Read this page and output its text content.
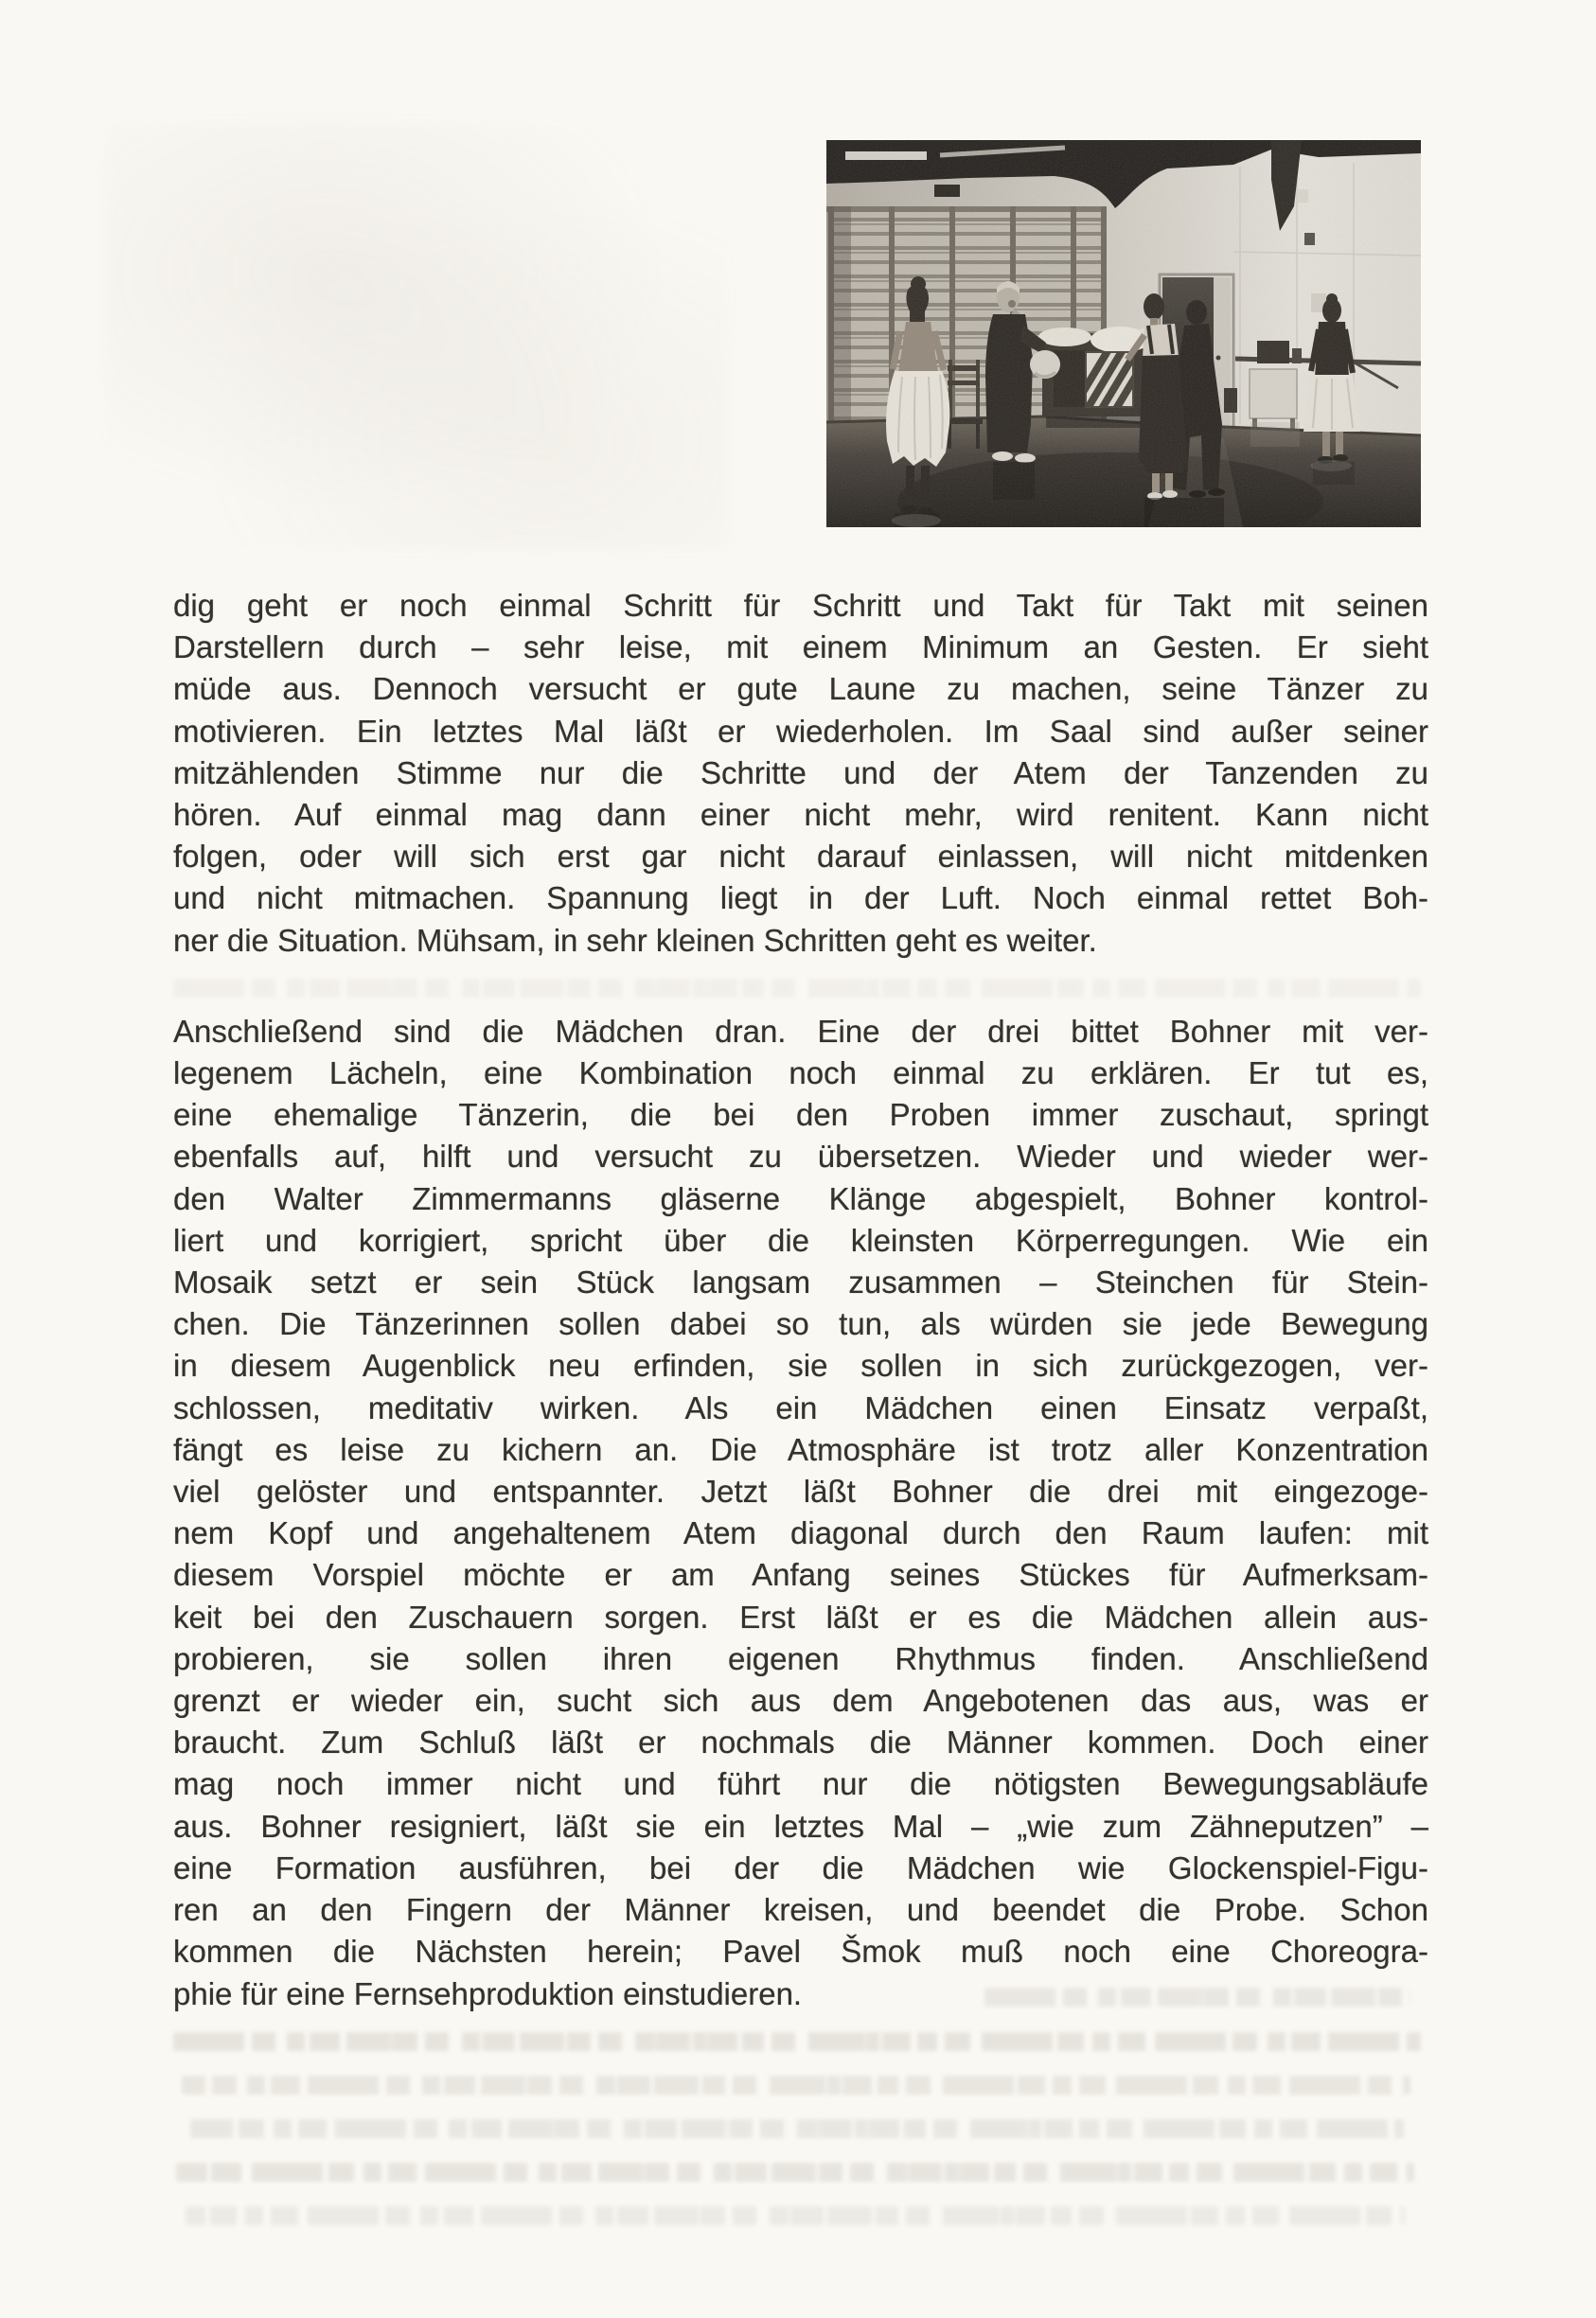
dig geht er noch einmal Schritt für Schritt und Takt für Takt mit seinen
Darstellern durch – sehr leise, mit einem Minimum an Gesten. Er sieht
müde aus. Dennoch versucht er gute Laune zu machen, seine Tänzer zu
motivieren. Ein letztes Mal läßt er wiederholen. Im Saal sind außer seiner
mitzählenden Stimme nur die Schritte und der Atem der Tanzenden zu
hören. Auf einmal mag dann einer nicht mehr, wird renitent. Kann nicht
folgen, oder will sich erst gar nicht darauf einlassen, will nicht mitdenken
und nicht mitmachen. Spannung liegt in der Luft. Noch einmal rettet Boh-
ner die Situation. Mühsam, in sehr kleinen Schritten geht es weiter.
Anschließend sind die Mädchen dran. Eine der drei bittet Bohner mit ver-
legenem Lächeln, eine Kombination noch einmal zu erklären. Er tut es,
eine ehemalige Tänzerin, die bei den Proben immer zuschaut, springt
ebenfalls auf, hilft und versucht zu übersetzen. Wieder und wieder wer-
den Walter Zimmermanns gläserne Klänge abgespielt, Bohner kontrol-
liert und korrigiert, spricht über die kleinsten Körperregungen. Wie ein
Mosaik setzt er sein Stück langsam zusammen – Steinchen für Stein-
chen. Die Tänzerinnen sollen dabei so tun, als würden sie jede Bewegung
in diesem Augenblick neu erfinden, sie sollen in sich zurückgezogen, ver-
schlossen, meditativ wirken. Als ein Mädchen einen Einsatz verpaßt,
fängt es leise zu kichern an. Die Atmosphäre ist trotz aller Konzentration
viel gelöster und entspannter. Jetzt läßt Bohner die drei mit eingezoge-
nem Kopf und angehaltenem Atem diagonal durch den Raum laufen: mit
diesem Vorspiel möchte er am Anfang seines Stückes für Aufmerksam-
keit bei den Zuschauern sorgen. Erst läßt er es die Mädchen allein aus-
probieren, sie sollen ihren eigenen Rhythmus finden. Anschließend
grenzt er wieder ein, sucht sich aus dem Angebotenen das aus, was er
braucht. Zum Schluß läßt er nochmals die Männer kommen. Doch einer
mag noch immer nicht und führt nur die nötigsten Bewegungsabläufe
aus. Bohner resigniert, läßt sie ein letztes Mal – „wie zum Zähneputzen” –
eine Formation ausführen, bei der die Mädchen wie Glockenspiel-Figu-
ren an den Fingern der Männer kreisen, und beendet die Probe. Schon
kommen die Nächsten herein; Pavel Šmok muß noch eine Choreogra-
phie für eine Fernsehproduktion einstudieren.
